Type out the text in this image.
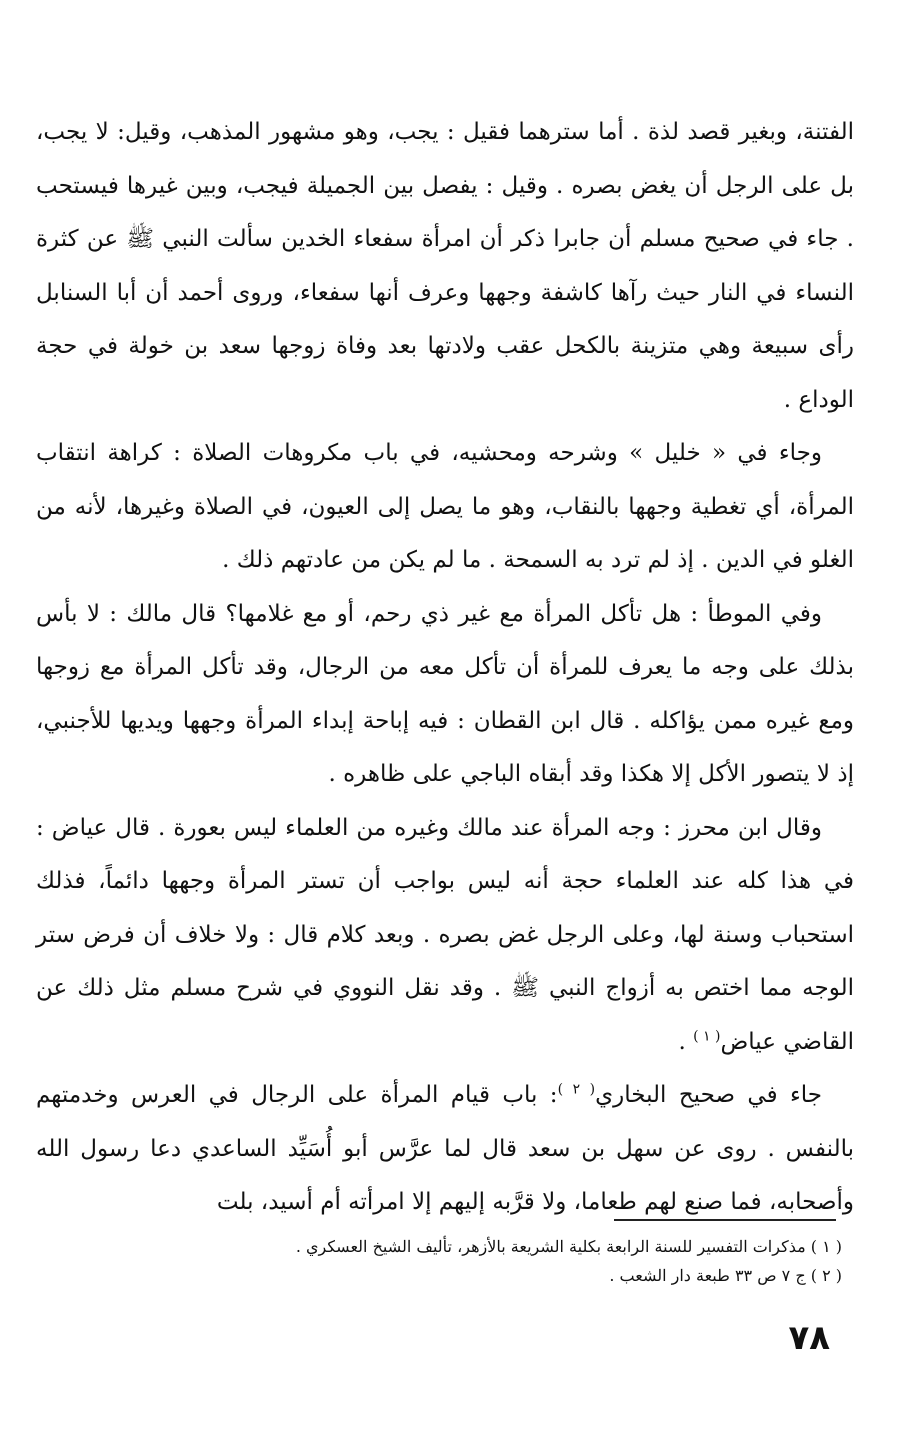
الفتنة، وبغير قصد لذة . أما سترهما فقيل : يجب، وهو مشهور المذهب، وقيل: لا يجب، بل على الرجل أن يغض بصره . وقيل : يفصل بين الجميلة فيجب، وبين غيرها فيستحب . جاء في صحيح مسلم أن جابرا ذكر أن امرأة سفعاء الخدين سألت النبي ﷺ عن كثرة النساء في النار حيث رآها كاشفة وجهها وعرف أنها سفعاء، وروى أحمد أن أبا السنابل رأى سبيعة وهي متزينة بالكحل عقب ولادتها بعد وفاة زوجها سعد بن خولة في حجة الوداع .

وجاء في « خليل » وشرحه ومحشيه، في باب مكروهات الصلاة : كراهة انتقاب المرأة، أي تغطية وجهها بالنقاب، وهو ما يصل إلى العيون، في الصلاة وغيرها، لأنه من الغلو في الدين . إذ لم ترد به السمحة . ما لم يكن من عادتهم ذلك .

وفي الموطأ : هل تأكل المرأة مع غير ذي رحم، أو مع غلامها؟ قال مالك : لا بأس بذلك على وجه ما يعرف للمرأة أن تأكل معه من الرجال، وقد تأكل المرأة مع زوجها ومع غيره ممن يؤاكله . قال ابن القطان : فيه إباحة إبداء المرأة وجهها ويديها للأجنبي، إذ لا يتصور الأكل إلا هكذا وقد أبقاه الباجي على ظاهره .

وقال ابن محرز : وجه المرأة عند مالك وغيره من العلماء ليس بعورة . قال عياض : في هذا كله عند العلماء حجة أنه ليس بواجب أن تستر المرأة وجهها دائماً، فذلك استحباب وسنة لها، وعلى الرجل غض بصره . وبعد كلام قال : ولا خلاف أن فرض ستر الوجه مما اختص به أزواج النبي ﷺ . وقد نقل النووي في شرح مسلم مثل ذلك عن القاضي عياض$^{( ١ )}$ .

جاء في صحيح البخاري$^{( ٢ )}$: باب قيام المرأة على الرجال في العرس وخدمتهم بالنفس . روى عن سهل بن سعد قال لما عرَّس أبو أُسَيِّد الساعدي دعا رسول الله وأصحابه، فما صنع لهم طعاما، ولا قرَّبه إليهم إلا امرأته أم أسيد، بلت

( ١ ) مذكرات التفسير للسنة الرابعة بكلية الشريعة بالأزهر، تأليف الشيخ العسكري .

( ٢ ) ج ٧ ص ٣٣ طبعة دار الشعب .

٧٨
